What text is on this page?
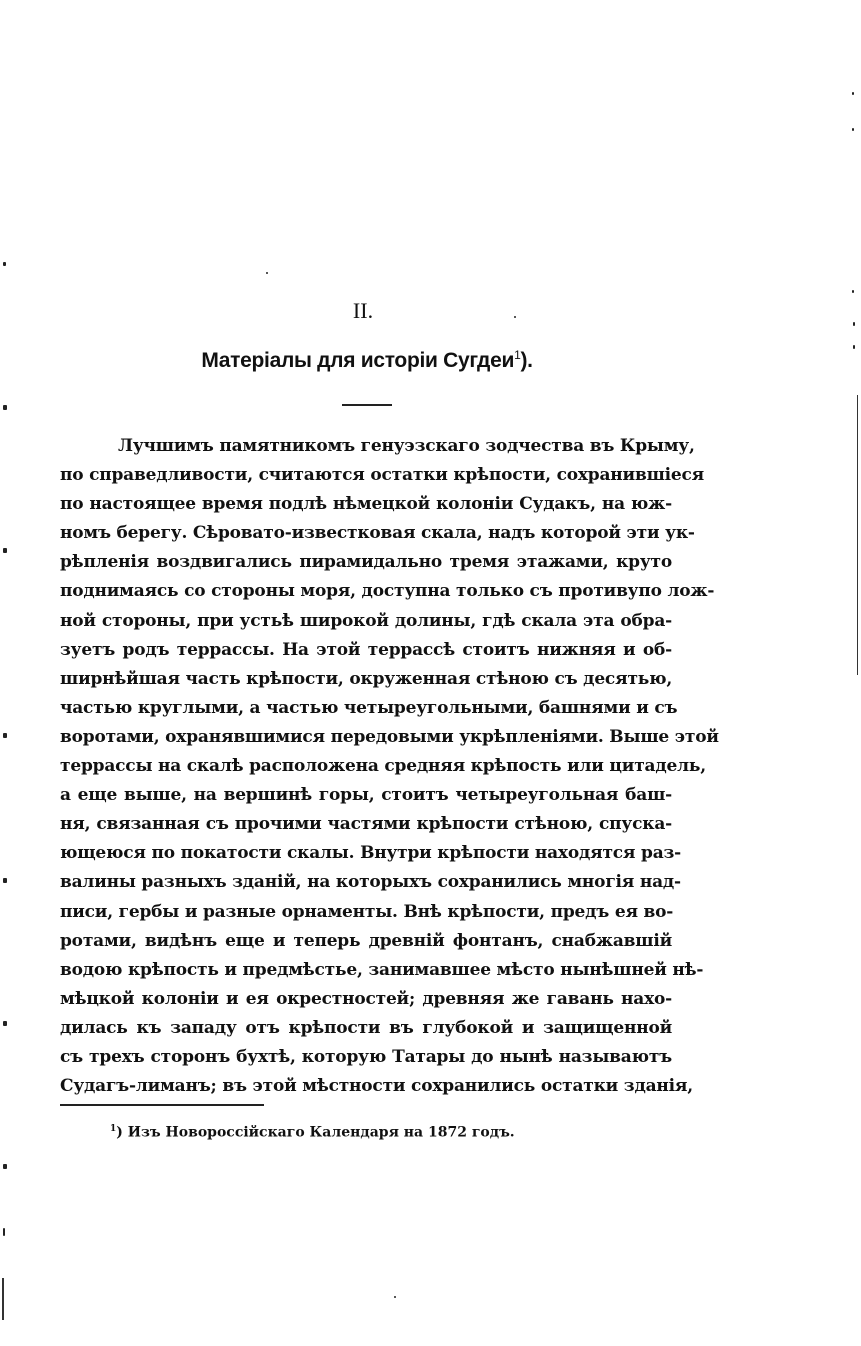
II.
Матеріалы для исторіи Сугдеи$^1$).
Лучшимъ памятникомъ генуэзскаго зодчества въ Крыму,
по справедливости, считаются остатки крѣпости, сохранившіеся
по настоящее время подлѣ нѣмецкой колоніи Судакъ, на юж-
номъ берегу. Сѣровато-известковая скала, надъ которой эти ук-
рѣпленія воздвигались пирамидально тремя этажами, круто
поднимаясь со стороны моря, доступна только съ противупо лож-
ной стороны, при устьѣ широкой долины, гдѣ скала эта обра-
зуетъ родъ террассы. На этой террассѣ стоитъ нижняя и об-
ширнѣйшая часть крѣпости, окруженная стѣною съ десятью,
частью круглыми, а частью четыреугольными, башнями и съ
воротами, охранявшимися передовыми укрѣпленіями. Выше этой
террассы на скалѣ расположена средняя крѣпость или цитадель,
а еще выше, на вершинѣ горы, стоитъ четыреугольная баш-
ня, связанная съ прочими частями крѣпости стѣною, спуска-
ющеюся по покатости скалы. Внутри крѣпости находятся раз-
валины разныхъ зданій, на которыхъ сохранились многія над-
писи, гербы и разные орнаменты. Внѣ крѣпости, предъ ея во-
ротами, видѣнъ еще и теперь древній фонтанъ, снабжавшій
водою крѣпость и предмѣстье, занимавшее мѣсто нынѣшней нѣ-
мѣцкой колоніи и ея окрестностей; древняя же гавань нахо-
дилась къ западу отъ крѣпости въ глубокой и защищенной
съ трехъ сторонъ бухтѣ, которую Татары до нынѣ называютъ
Судагъ-лиманъ; въ этой мѣстности сохранились остатки зданія,
$^1$) Изъ Новороссійскаго Календаря на 1872 годъ.
